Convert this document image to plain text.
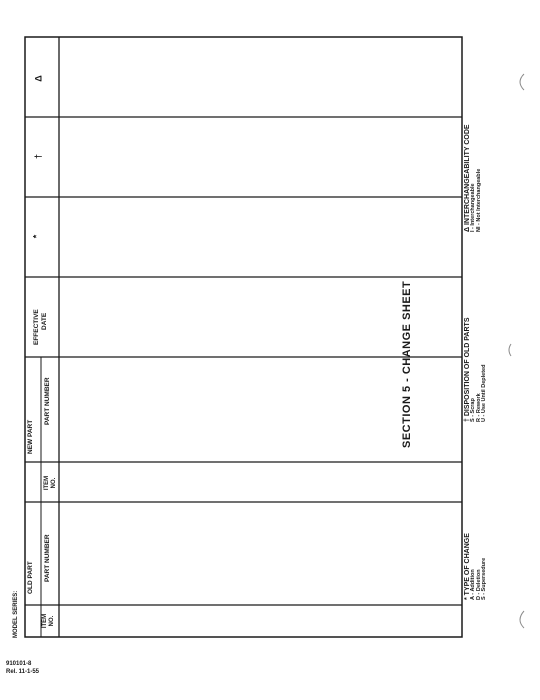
SECTION 5 - CHANGE SHEET
MODEL SERIES:
OLD PART
NEW PART
ITEM NO.
PART NUMBER
ITEM NO.
PART NUMBER
EFFECTIVE DATE
*
†
Δ
* TYPE OF CHANGE A - Addition D - Deletion S - Supersedure
† DISPOSITION OF OLD PARTS S - Scrap R - Rework U - Use Until Depleted
Δ INTERCHANGEABILITY CODE I - Interchangeable NI - Not Interchangeable
910101-8
Rel. 11-1-55
